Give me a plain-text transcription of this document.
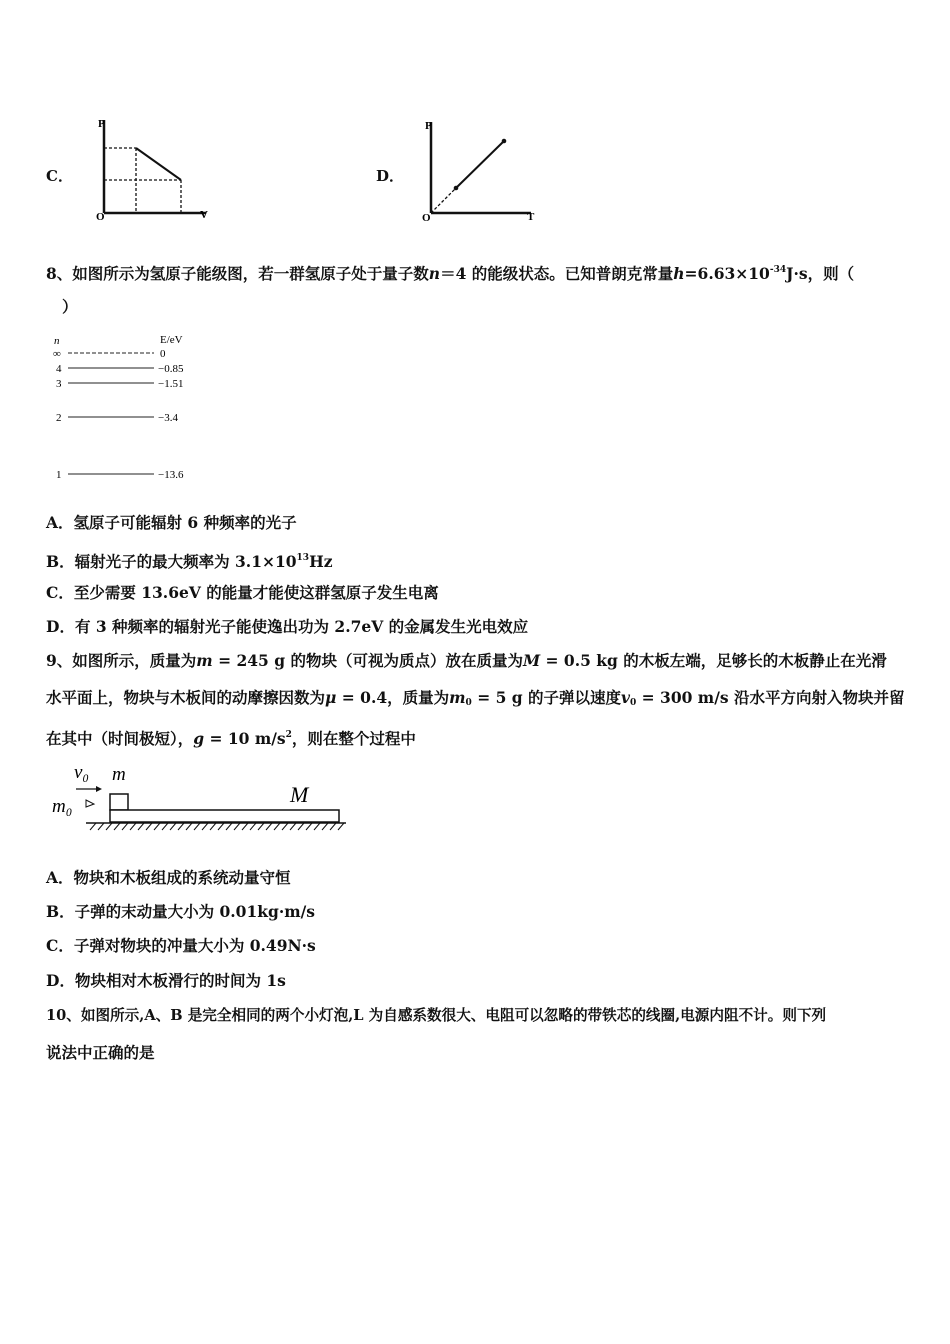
C．
P
O	V
D．
P
O	T
8、如图所示为氢原子能级图，若一群氢原子处于量子数n＝4 的能级状态。已知普朗克常量$h=6.63\times 10^{-34}J\cdot s$，则（
）
n	E/eV
∞	0
4	−0.85
3	−1.51
2	−3.4
1	−13.6
A．氢原子可能辐射 6 种频率的光子
B．辐射光子的最大频率为 $3.1\times 10^{13}Hz$
C．至少需要 13.6eV 的能量才能使这群氢原子发生电离
D．有 3 种频率的辐射光子能使逸出功为 2.7eV 的金属发生光电效应
9、如图所示，质量为m = 245 g 的物块（可视为质点）放在质量为M = 0.5 kg 的木板左端，足够长的木板静止在光滑
水平面上，物块与木板间的动摩擦因数为μ = 0.4，质量为$m_0 = 5$ g 的子弹以速度$v_0 = 300$ m/s 沿水平方向射入物块并留
在其中（时间极短），g = 10 $m/s^2$，则在整个过程中
v₀ m
m₀	M
A．物块和木板组成的系统动量守恒
B．子弹的末动量大小为 0.01kg·m/s
C．子弹对物块的冲量大小为 0.49N·s
D．物块相对木板滑行的时间为 1s
10、如图所示,A、B 是完全相同的两个小灯泡,L 为自感系数很大、电阻可以忽略的带铁芯的线圈,电源内阻不计。则下列
说法中正确的是
